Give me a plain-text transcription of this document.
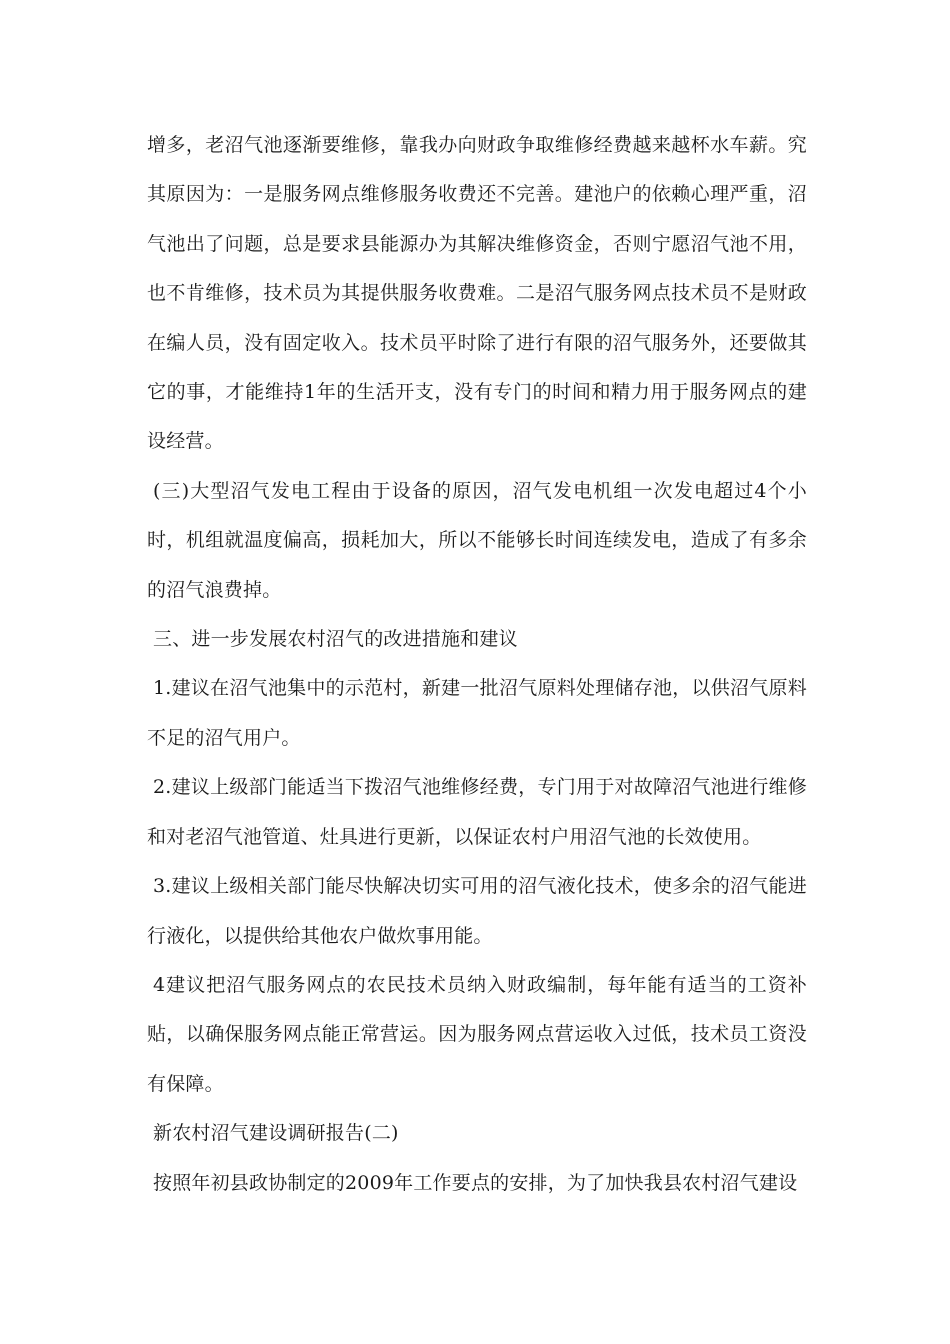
增多，老沼气池逐渐要维修，靠我办向财政争取维修经费越来越杯水车薪。究其原因为：一是服务网点维修服务收费还不完善。建池户的依赖心理严重，沼气池出了问题，总是要求县能源办为其解决维修资金，否则宁愿沼气池不用，也不肯维修，技术员为其提供服务收费难。二是沼气服务网点技术员不是财政在编人员，没有固定收入。技术员平时除了进行有限的沼气服务外，还要做其它的事，才能维持1年的生活开支，没有专门的时间和精力用于服务网点的建设经营。

(三)大型沼气发电工程由于设备的原因，沼气发电机组一次发电超过4个小时，机组就温度偏高，损耗加大，所以不能够长时间连续发电，造成了有多余的沼气浪费掉。

三、进一步发展农村沼气的改进措施和建议

1.建议在沼气池集中的示范村，新建一批沼气原料处理储存池，以供沼气原料不足的沼气用户。

2.建议上级部门能适当下拨沼气池维修经费，专门用于对故障沼气池进行维修和对老沼气池管道、灶具进行更新，以保证农村户用沼气池的长效使用。

3.建议上级相关部门能尽快解决切实可用的沼气液化技术，使多余的沼气能进行液化，以提供给其他农户做炊事用能。

4建议把沼气服务网点的农民技术员纳入财政编制，每年能有适当的工资补贴，以确保服务网点能正常营运。因为服务网点营运收入过低，技术员工资没有保障。

新农村沼气建设调研报告(二)

按照年初县政协制定的2009年工作要点的安排，为了加快我县农村沼气建设
